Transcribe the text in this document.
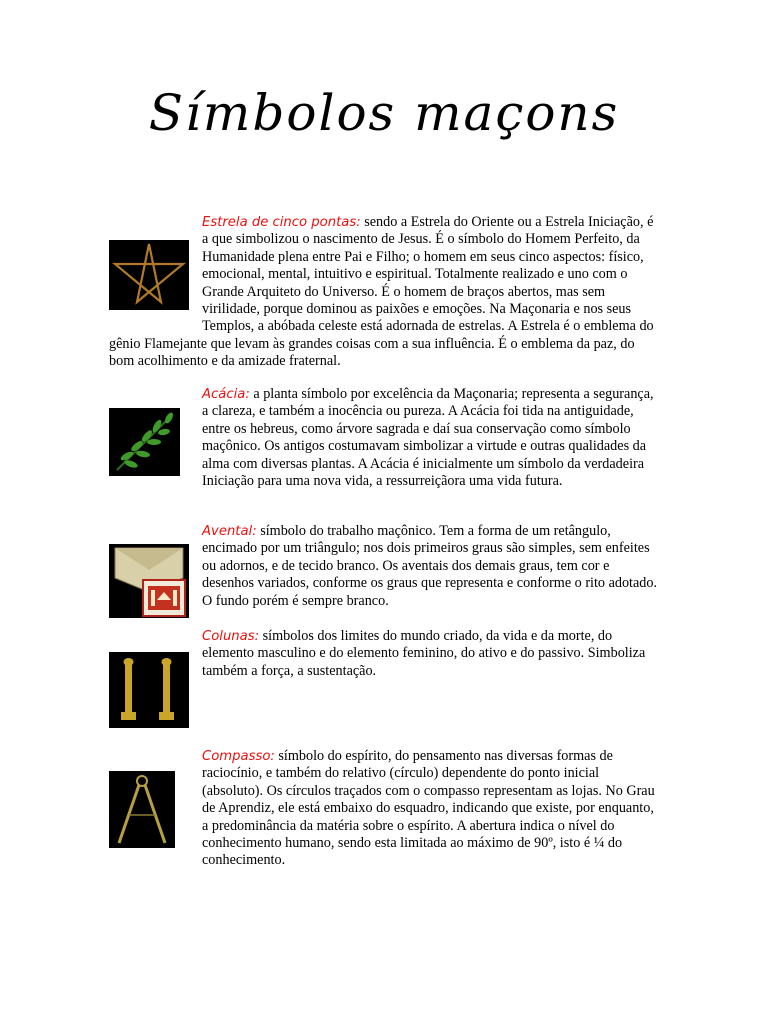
Símbolos maçons

Estrela de cinco pontas: sendo a Estrela do Oriente ou a Estrela Iniciação, é a que simbolizou o nascimento de Jesus. É o símbolo do Homem Perfeito, da Humanidade plena entre Pai e Filho; o homem em seus cinco aspectos: físico, emocional, mental, intuitivo e espiritual. Totalmente realizado e uno com o Grande Arquiteto do Universo. É o homem de braços abertos, mas sem virilidade, porque dominou as paixões e emoções. Na Maçonaria e nos seus Templos, a abóbada celeste está adornada de estrelas. A Estrela é o emblema do gênio Flamejante que levam às grandes coisas com a sua influência. É o emblema da paz, do bom acolhimento e da amizade fraternal.

Acácia: a planta símbolo por excelência da Maçonaria; representa a segurança, a clareza, e também a inocência ou pureza. A Acácia foi tida na antiguidade, entre os hebreus, como árvore sagrada e daí sua conservação como símbolo maçônico. Os antigos costumavam simbolizar a virtude e outras qualidades da alma com diversas plantas. A Acácia é inicialmente um símbolo da verdadeira Iniciação para uma nova vida, a ressurreiçãora uma vida futura.

Avental: símbolo do trabalho maçônico. Tem a forma de um retângulo, encimado por um triângulo; nos dois primeiros graus são simples, sem enfeites ou adornos, e de tecido branco. Os aventais dos demais graus, tem cor e desenhos variados, conforme os graus que representa e conforme o rito adotado. O fundo porém é sempre branco.

Colunas: símbolos dos limites do mundo criado, da vida e da morte, do elemento masculino e do elemento feminino, do ativo e do passivo. Simboliza também a força, a sustentação.

Compasso: símbolo do espírito, do pensamento nas diversas formas de raciocínio, e também do relativo (círculo) dependente do ponto inicial (absoluto). Os círculos traçados com o compasso representam as lojas. No Grau de Aprendiz, ele está embaixo do esquadro, indicando que existe, por enquanto, a predominância da matéria sobre o espírito. A abertura indica o nível do conhecimento humano, sendo esta limitada ao máximo de 90º, isto é ¼ do conhecimento.
